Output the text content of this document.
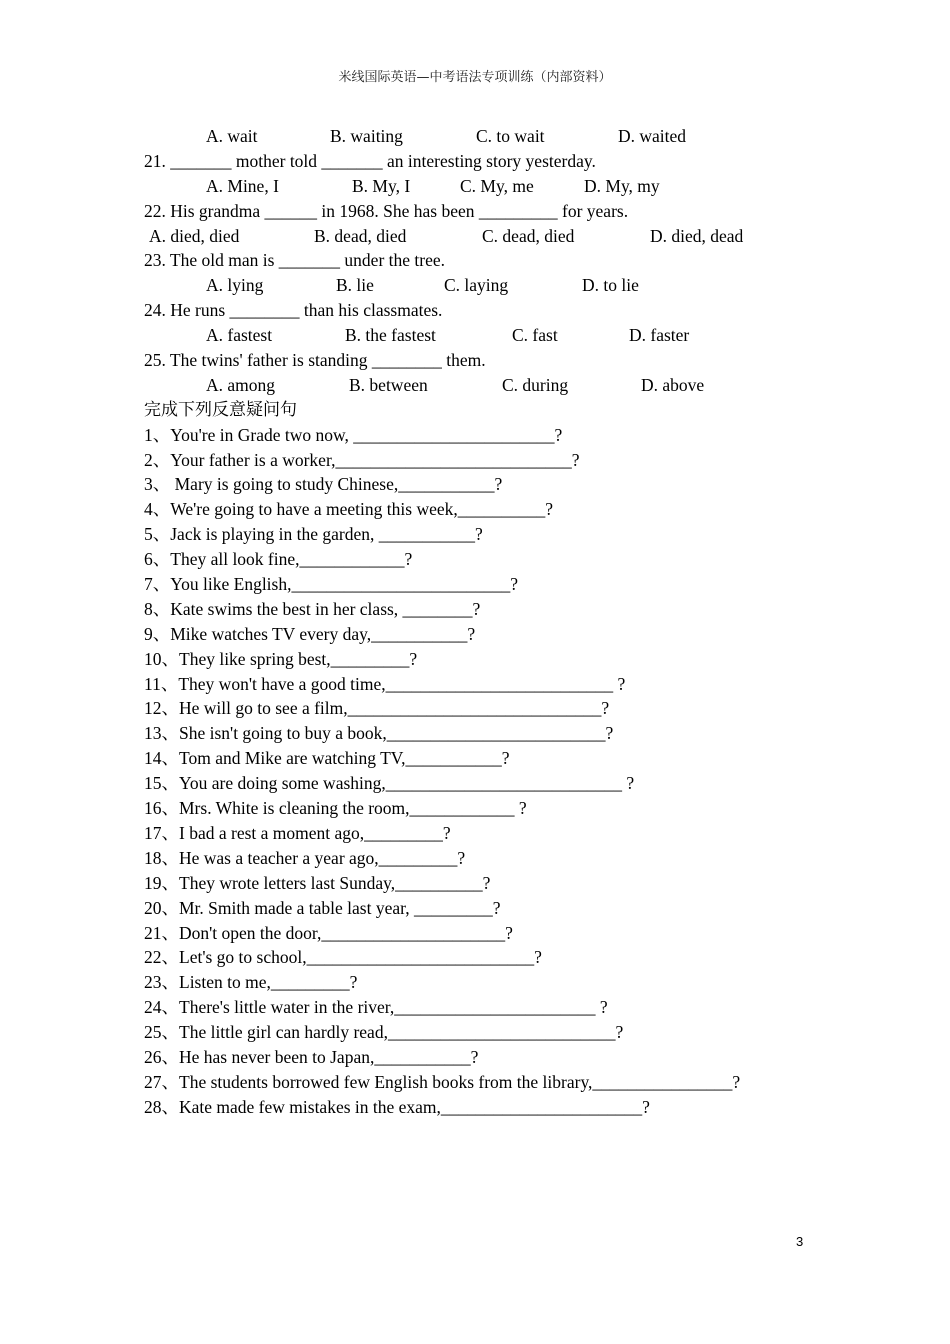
米线国际英语—中考语法专项训练（内部资料）
A. wait	B. waiting	C. to wait	D. waited
21. _______ mother told _______ an interesting story yesterday.
A. Mine, I	B. My, I	C. My, me	D. My, my
22. His grandma ______ in 1968. She has been _________ for years.
A. died, died	B. dead, died	C. dead, died	D. died, dead
23. The old man is _______ under the tree.
A. lying	B. lie	C. laying	D. to lie
24. He runs ________ than his classmates.
A. fastest	B. the fastest	C. fast	D. faster
25. The twins' father is standing ________ them.
A. among	B. between	C. during	D. above
完成下列反意疑问句
1、You're in Grade two now, _______________________?
2、Your father is a worker,___________________________?
3、 Mary is going to study Chinese,___________?
4、We're going to have a meeting this week,__________?
5、Jack is playing in the garden, ___________?
6、They all look fine,____________?
7、You like English,_________________________?
8、Kate swims the best in her class, ________?
9、Mike watches TV every day,___________?
10、They like spring best,_________?
11、They won't have a good time,__________________________ ?
12、He will go to see a film,_____________________________?
13、She isn't going to buy a book,_________________________?
14、Tom and Mike are watching TV,___________?
15、You are doing some washing,___________________________ ?
16、Mrs. White is cleaning the room,____________ ?
17、I bad a rest a moment ago,_________?
18、He was a teacher a year ago,_________?
19、They wrote letters last Sunday,__________?
20、Mr. Smith made a table last year, _________?
21、Don't open the door,_____________________?
22、Let's go to school,__________________________?
23、Listen to me,_________?
24、There's little water in the river,_______________________ ?
25、The little girl can hardly read,__________________________?
26、He has never been to Japan,___________?
27、The students borrowed few English books from the library,________________?
28、Kate made few mistakes in the exam,_______________________?
3
